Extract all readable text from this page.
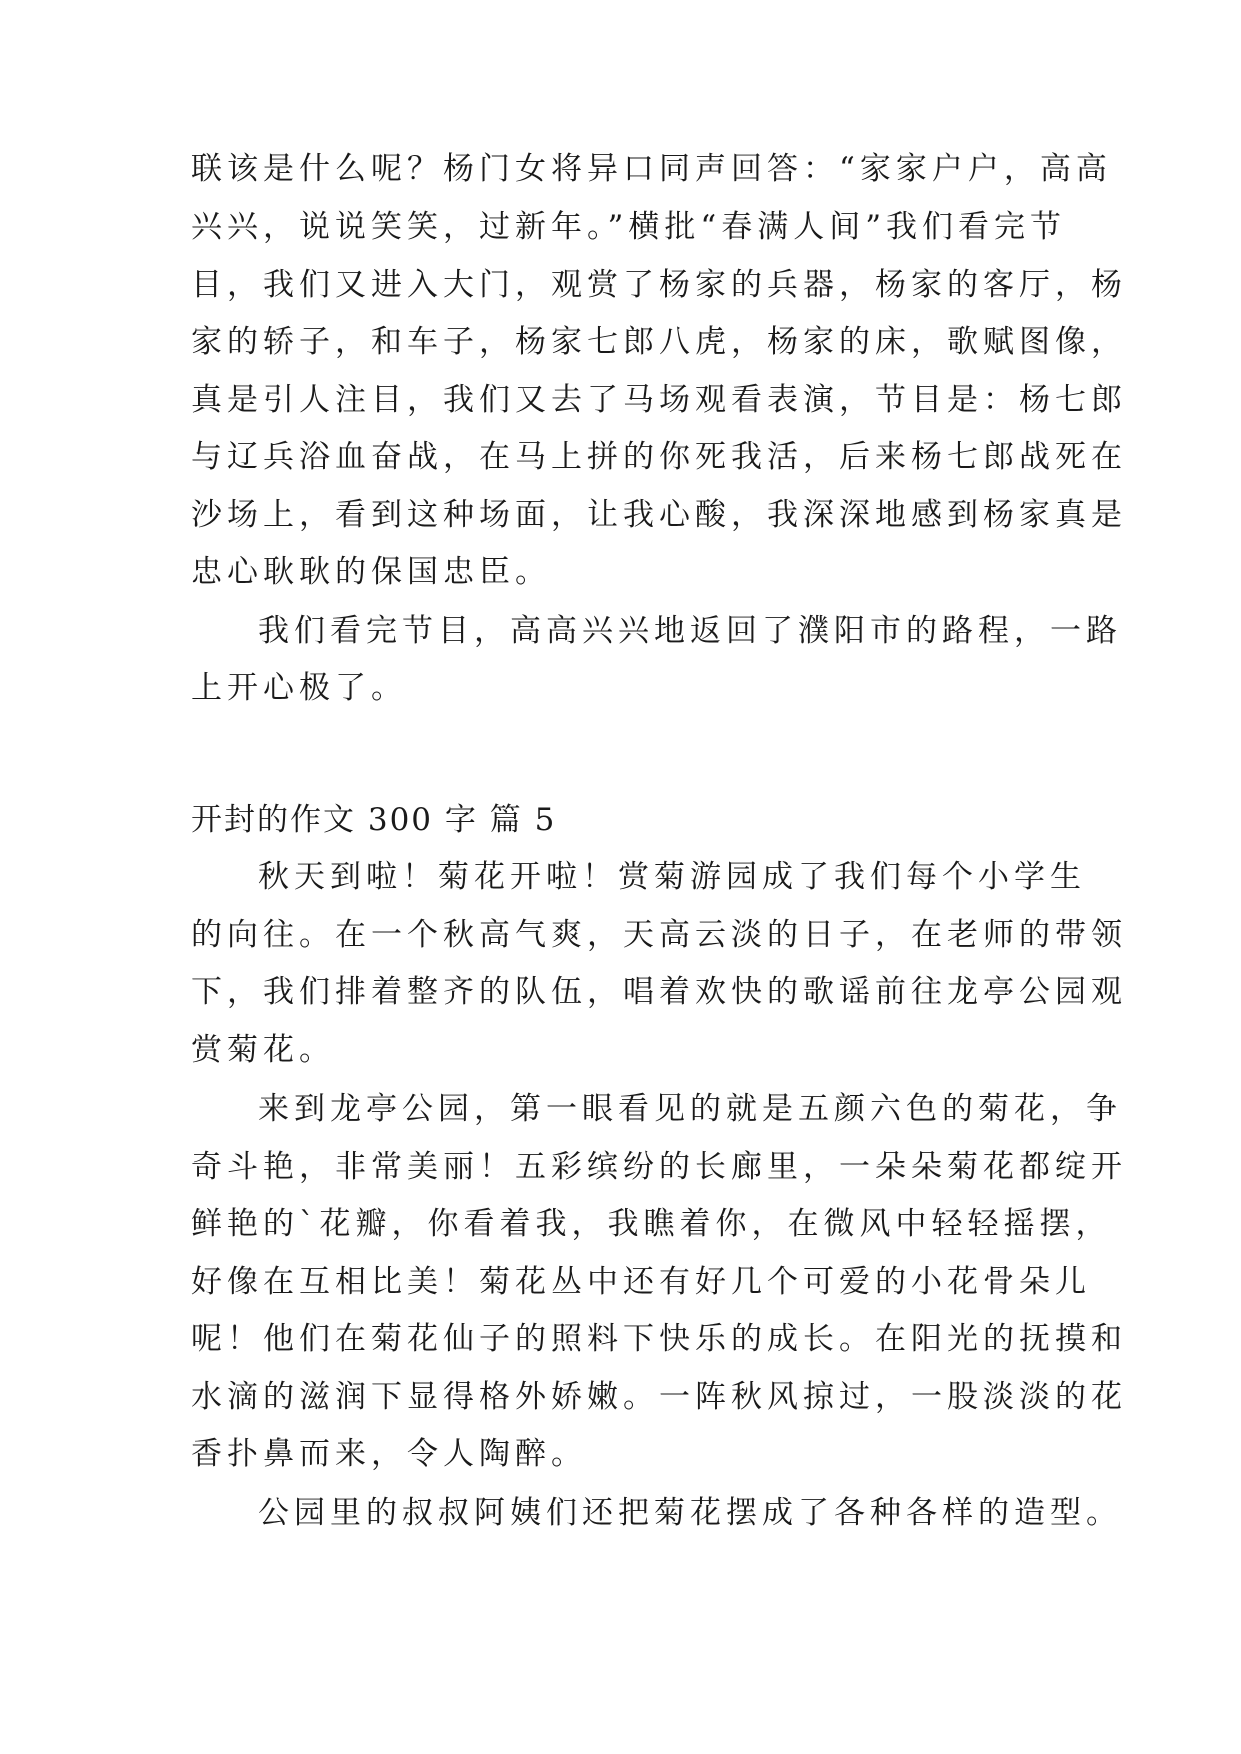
联该是什么呢？杨门女将异口同声回答：“家家户户，高高
兴兴，说说笑笑，过新年。”横批“春满人间”我们看完节
目，我们又进入大门，观赏了杨家的兵器，杨家的客厅，杨
家的轿子，和车子，杨家七郎八虎，杨家的床，歌赋图像，
真是引人注目，我们又去了马场观看表演，节目是：杨七郎
与辽兵浴血奋战，在马上拼的你死我活，后来杨七郎战死在
沙场上，看到这种场面，让我心酸，我深深地感到杨家真是
忠心耿耿的保国忠臣。
我们看完节目，高高兴兴地返回了濮阳市的路程，一路
上开心极了。
开封的作文 300 字 篇 5
秋天到啦！菊花开啦！赏菊游园成了我们每个小学生
的向往。在一个秋高气爽，天高云淡的日子，在老师的带领
下，我们排着整齐的队伍，唱着欢快的歌谣前往龙亭公园观
赏菊花。
来到龙亭公园，第一眼看见的就是五颜六色的菊花，争
奇斗艳，非常美丽！五彩缤纷的长廊里，一朵朵菊花都绽开
鲜艳的`花瓣，你看着我，我瞧着你，在微风中轻轻摇摆，
好像在互相比美！菊花丛中还有好几个可爱的小花骨朵儿
呢！他们在菊花仙子的照料下快乐的成长。在阳光的抚摸和
水滴的滋润下显得格外娇嫩。一阵秋风掠过，一股淡淡的花
香扑鼻而来，令人陶醉。
公园里的叔叔阿姨们还把菊花摆成了各种各样的造型。
